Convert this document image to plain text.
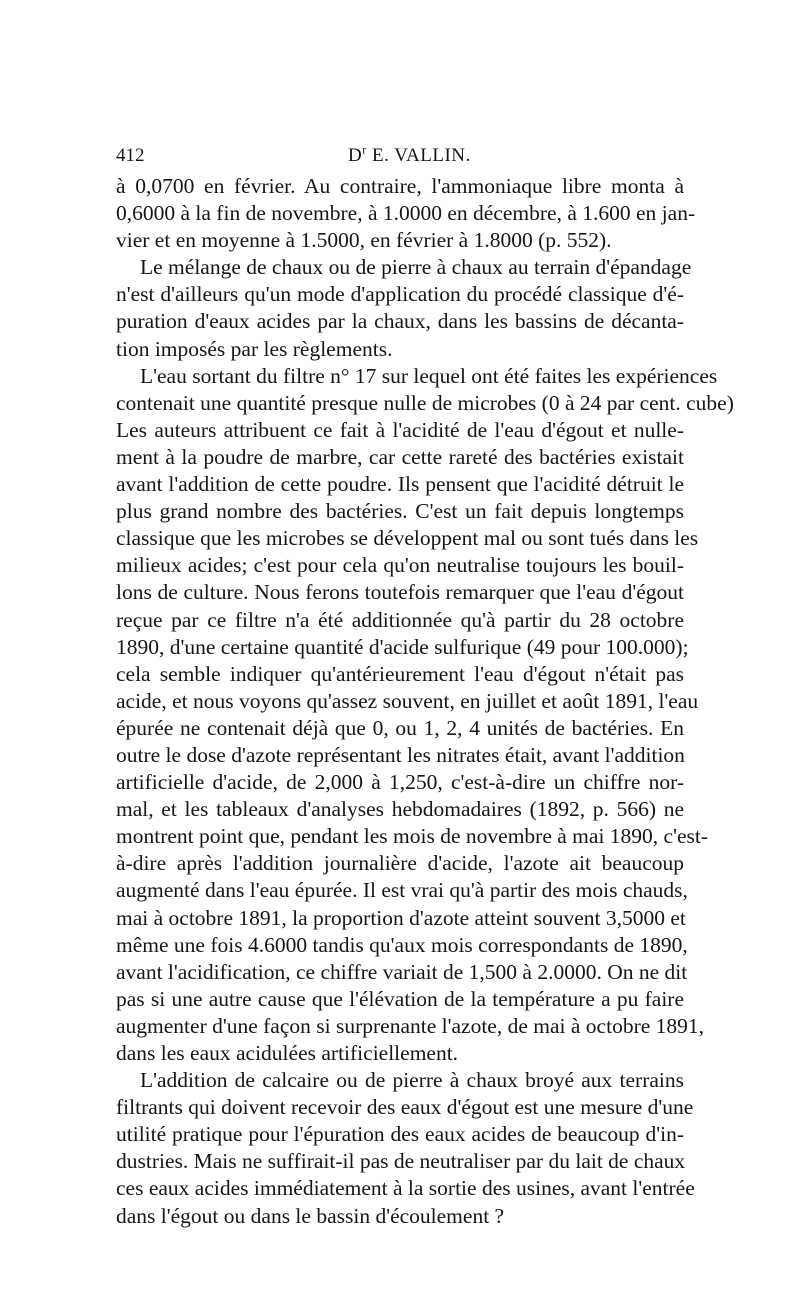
412	$D^r$ E. VALLIN.
à 0,0700 en février. Au contraire, l'ammoniaque libre monta à
0,6000 à la fin de novembre, à 1.0000 en décembre, à 1.600 en jan-
vier et en moyenne à 1.5000, en février à 1.8000 (p. 552).
Le mélange de chaux ou de pierre à chaux au terrain d'épandage
n'est d'ailleurs qu'un mode d'application du procédé classique d'é-
puration d'eaux acides par la chaux, dans les bassins de décanta-
tion imposés par les règlements.
L'eau sortant du filtre n° 17 sur lequel ont été faites les expériences
contenait une quantité presque nulle de microbes (0 à 24 par cent. cube)
Les auteurs attribuent ce fait à l'acidité de l'eau d'égout et nulle-
ment à la poudre de marbre, car cette rareté des bactéries existait
avant l'addition de cette poudre. Ils pensent que l'acidité détruit le
plus grand nombre des bactéries. C'est un fait depuis longtemps
classique que les microbes se développent mal ou sont tués dans les
milieux acides; c'est pour cela qu'on neutralise toujours les bouil-
lons de culture. Nous ferons toutefois remarquer que l'eau d'égout
reçue par ce filtre n'a été additionnée qu'à partir du 28 octobre
1890, d'une certaine quantité d'acide sulfurique (49 pour 100.000);
cela semble indiquer qu'antérieurement l'eau d'égout n'était pas
acide, et nous voyons qu'assez souvent, en juillet et août 1891, l'eau
épurée ne contenait déjà que 0, ou 1, 2, 4 unités de bactéries. En
outre le dose d'azote représentant les nitrates était, avant l'addition
artificielle d'acide, de 2,000 à 1,250, c'est-à-dire un chiffre nor-
mal, et les tableaux d'analyses hebdomadaires (1892, p. 566) ne
montrent point que, pendant les mois de novembre à mai 1890, c'est-
à-dire après l'addition journalière d'acide, l'azote ait beaucoup
augmenté dans l'eau épurée. Il est vrai qu'à partir des mois chauds,
mai à octobre 1891, la proportion d'azote atteint souvent 3,5000 et
même une fois 4.6000 tandis qu'aux mois correspondants de 1890,
avant l'acidification, ce chiffre variait de 1,500 à 2.0000. On ne dit
pas si une autre cause que l'élévation de la température a pu faire
augmenter d'une façon si surprenante l'azote, de mai à octobre 1891,
dans les eaux acidulées artificiellement.
L'addition de calcaire ou de pierre à chaux broyé aux terrains
filtrants qui doivent recevoir des eaux d'égout est une mesure d'une
utilité pratique pour l'épuration des eaux acides de beaucoup d'in-
dustries. Mais ne suffirait-il pas de neutraliser par du lait de chaux
ces eaux acides immédiatement à la sortie des usines, avant l'entrée
dans l'égout ou dans le bassin d'écoulement ?
